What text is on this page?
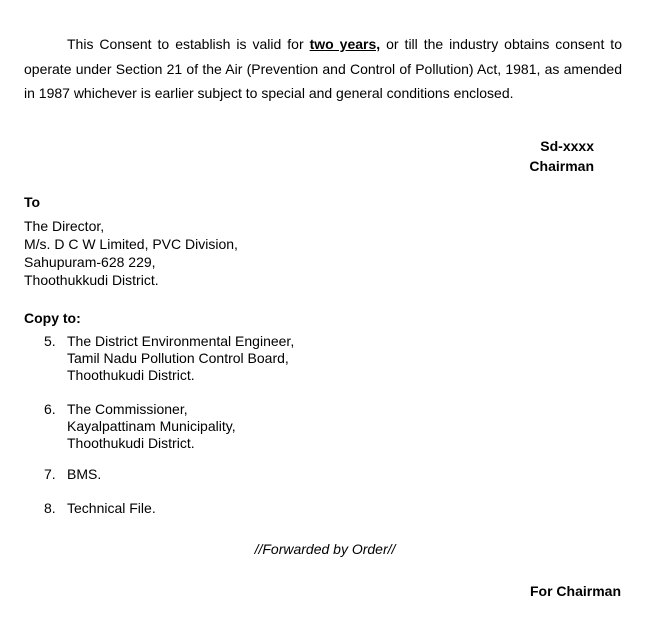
This Consent to establish is valid for two years, or till the industry obtains consent to operate under Section 21 of the Air (Prevention and Control of Pollution) Act, 1981, as amended in 1987 whichever is earlier subject to special and general conditions enclosed.
Sd-xxxx
Chairman
To
The Director,
M/s. D C W Limited, PVC Division,
Sahupuram-628 229,
Thoothukkudi District.
Copy to:
5. The District Environmental Engineer,
Tamil Nadu Pollution Control Board,
Thoothukudi District.
6. The Commissioner,
Kayalpattinam Municipality,
Thoothukudi District.
7. BMS.
8. Technical File.
//Forwarded by Order//
For Chairman
